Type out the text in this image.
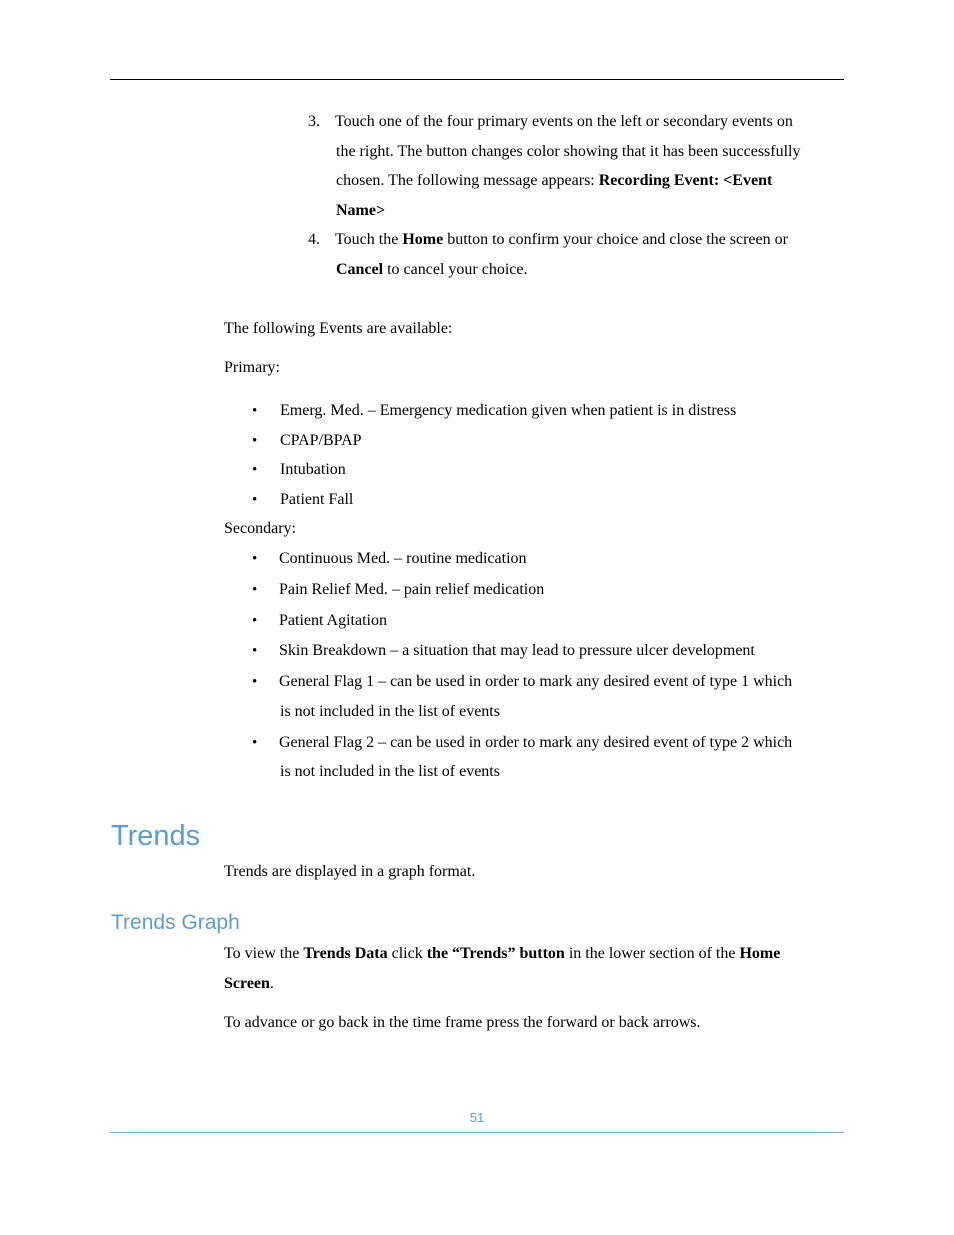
3. Touch one of the four primary events on the left or secondary events on
the right. The button changes color showing that it has been successfully
chosen. The following message appears: Recording Event: <Event
Name>
4. Touch the Home button to confirm your choice and close the screen or
Cancel to cancel your choice.
The following Events are available:
Primary:
• Emerg. Med. – Emergency medication given when patient is in distress
• CPAP/BPAP
• Intubation
• Patient Fall
Secondary:
• Continuous Med. – routine medication
• Pain Relief Med. – pain relief medication
• Patient Agitation
• Skin Breakdown – a situation that may lead to pressure ulcer development
• General Flag 1 – can be used in order to mark any desired event of type 1 which
is not included in the list of events
• General Flag 2 – can be used in order to mark any desired event of type 2 which
is not included in the list of events
Trends
Trends are displayed in a graph format.
Trends Graph
To view the Trends Data click the “Trends” button in the lower section of the Home
Screen.
To advance or go back in the time frame press the forward or back arrows.
51
